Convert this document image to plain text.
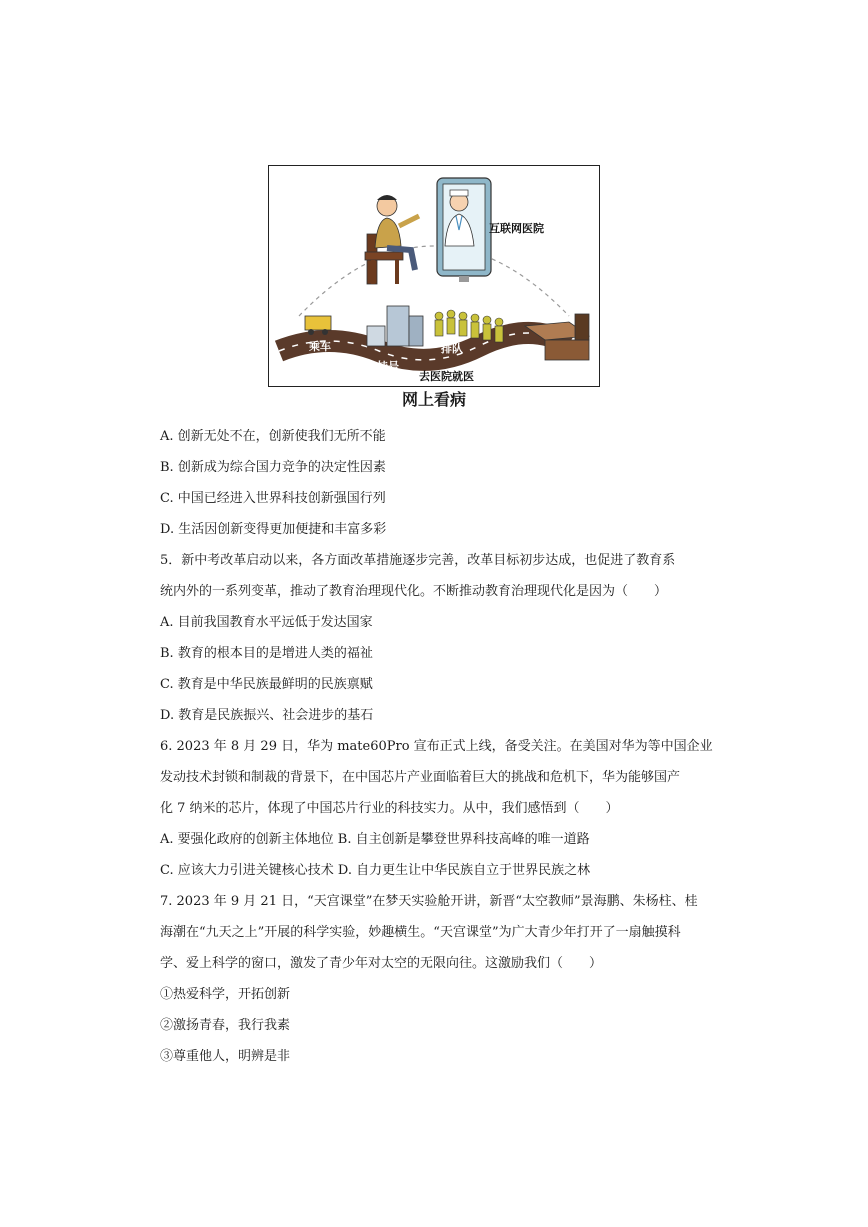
互联网医院
乘车
挂号
排队
去医院就医
网上看病
A. 创新无处不在，创新使我们无所不能
B. 创新成为综合国力竞争的决定性因素
C. 中国已经进入世界科技创新强国行列
D. 生活因创新变得更加便捷和丰富多彩
5．新中考改革启动以来，各方面改革措施逐步完善，改革目标初步达成，也促进了教育系
统内外的一系列变革，推动了教育治理现代化。不断推动教育治理现代化是因为（　　）
A. 目前我国教育水平远低于发达国家
B. 教育的根本目的是增进人类的福祉
C. 教育是中华民族最鲜明的民族禀赋
D. 教育是民族振兴、社会进步的基石
6. 2023 年 8 月 29 日，华为 mate60Pro 宣布正式上线，备受关注。在美国对华为等中国企业
发动技术封锁和制裁的背景下，在中国芯片产业面临着巨大的挑战和危机下，华为能够国产
化 7 纳米的芯片，体现了中国芯片行业的科技实力。从中，我们感悟到（　　）
A. 要强化政府的创新主体地位 B. 自主创新是攀登世界科技高峰的唯一道路
C. 应该大力引进关键核心技术 D. 自力更生让中华民族自立于世界民族之林
7. 2023 年 9 月 21 日，“天宫课堂”在梦天实验舱开讲，新晋“太空教师”景海鹏、朱杨柱、桂
海潮在“九天之上”开展的科学实验，妙趣横生。“天宫课堂”为广大青少年打开了一扇触摸科
学、爱上科学的窗口，激发了青少年对太空的无限向往。这激励我们（　　）
①热爱科学，开拓创新
②激扬青春，我行我素
③尊重他人，明辨是非
